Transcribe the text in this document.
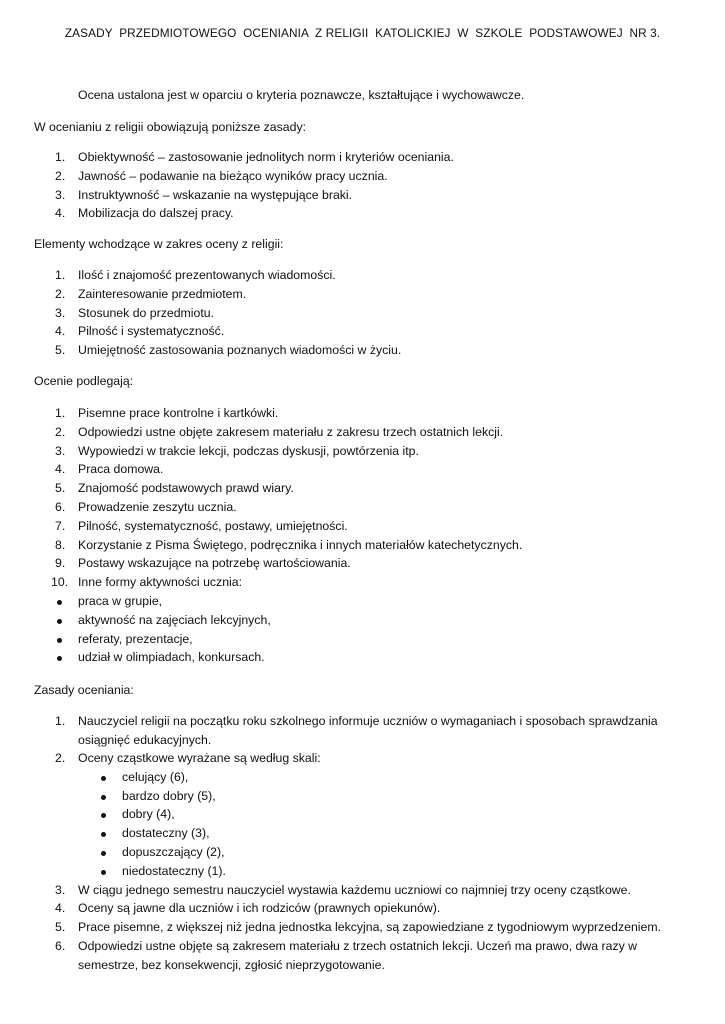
ZASADY  PRZEDMIOTOWEGO  OCENIANIA  Z RELIGII  KATOLICKIEJ  W  SZKOLE  PODSTAWOWEJ  NR 3.
Ocena ustalona jest w oparciu o kryteria poznawcze, kształtujące i wychowawcze.
W ocenianiu z religii obowiązują poniższe zasady:
1.	Obiektywność – zastosowanie jednolitych norm i kryteriów oceniania.
2.	Jawność – podawanie na bieżąco wyników pracy ucznia.
3.	Instruktywność – wskazanie na występujące braki.
4.	Mobilizacja do dalszej pracy.
Elementy wchodzące w zakres oceny z religii:
1.	Ilość i znajomość prezentowanych wiadomości.
2.	Zainteresowanie przedmiotem.
3.	Stosunek do przedmiotu.
4.	Pilność i systematyczność.
5.	Umiejętność zastosowania poznanych wiadomości w życiu.
Ocenie podlegają:
1.	Pisemne prace kontrolne i kartkówki.
2.	Odpowiedzi ustne objęte zakresem materiału z zakresu trzech ostatnich lekcji.
3.	Wypowiedzi w trakcie lekcji, podczas dyskusji, powtórzenia itp.
4.	Praca domowa.
5.	Znajomość podstawowych prawd wiary.
6.	Prowadzenie zeszytu ucznia.
7.	Pilność, systematyczność, postawy, umiejętności.
8.	Korzystanie z Pisma Świętego, podręcznika i innych materiałów katechetycznych.
9.	Postawy wskazujące na potrzebę wartościowania.
10. Inne formy aktywności ucznia:
praca w grupie,
aktywność na zajęciach lekcyjnych,
referaty, prezentacje,
udział w olimpiadach, konkursach.
Zasady oceniania:
1.	Nauczyciel religii na początku roku szkolnego informuje uczniów o wymaganiach i sposobach sprawdzania osiągnięć edukacyjnych.
2.	Oceny cząstkowe wyrażane są według skali:
celujący (6),
bardzo dobry (5),
dobry (4),
dostateczny (3),
dopuszczający (2),
niedostateczny (1).
3.	W ciągu jednego semestru nauczyciel wystawia każdemu uczniowi co najmniej trzy oceny cząstkowe.
4.	Oceny są jawne dla uczniów i ich rodziców (prawnych opiekunów).
5.	Prace pisemne, z większej niż jedna jednostka lekcyjna, są zapowiedziane z tygodniowym wyprzedzeniem.
6.	Odpowiedzi ustne objęte są zakresem materiału z trzech ostatnich lekcji. Uczeń ma prawo, dwa razy w semestrze, bez konsekwencji, zgłosić nieprzygotowanie.
